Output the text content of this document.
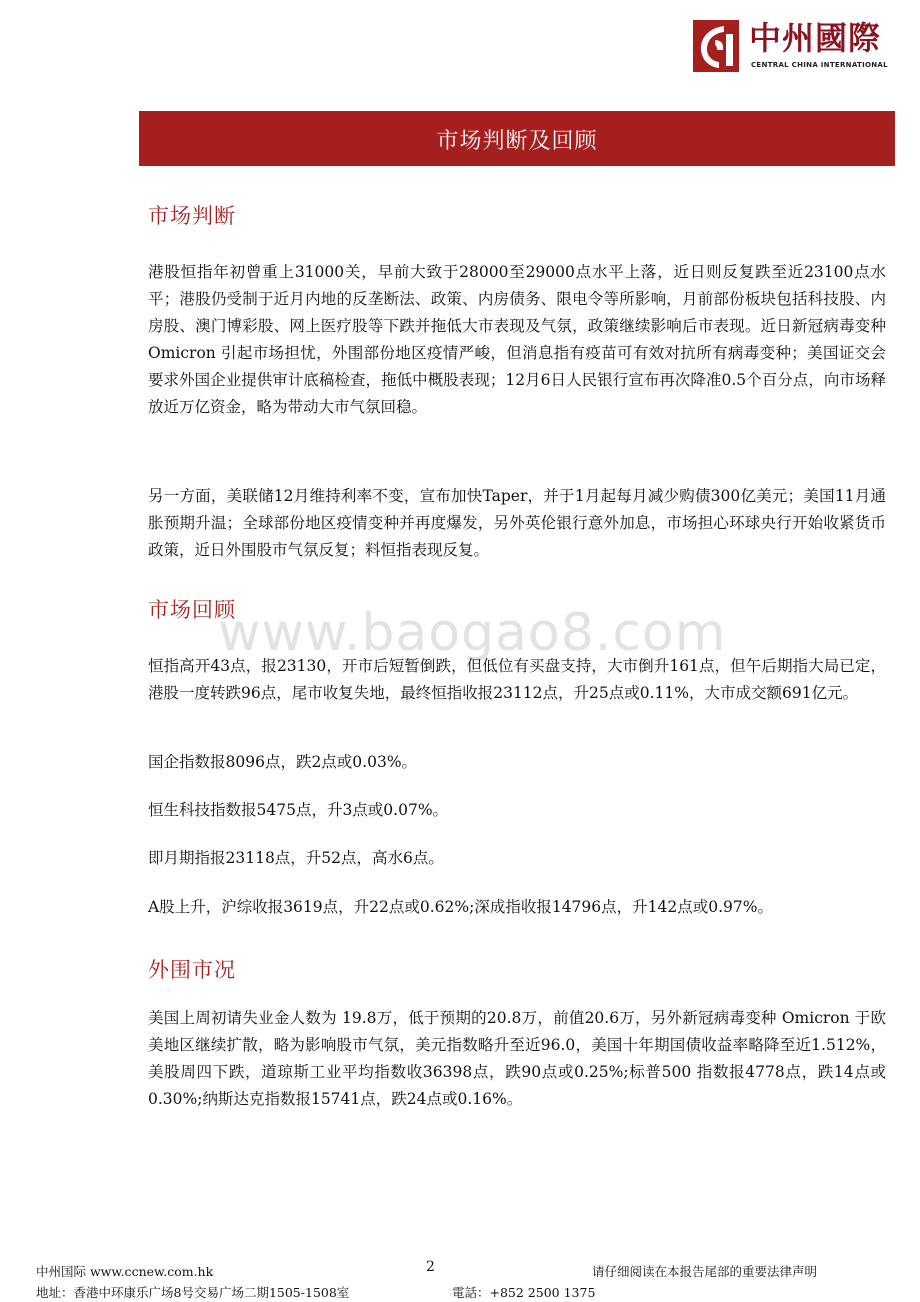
中州國際
CENTRAL CHINA INTERNATIONAL
市场判断及回顾
www.baogao8.com
市场判断
港股恒指年初曾重上31000关，早前大致于28000至29000点水平上落，近日则反复跌至近23100点水平；港股仍受制于近月内地的反垄断法、政策、内房债务、限电令等所影响，月前部份板块包括科技股、内房股、澳门博彩股、网上医疗股等下跌并拖低大市表现及气氛，政策继续影响后市表现。近日新冠病毒变种 Omicron 引起市场担忧，外围部份地区疫情严峻，但消息指有疫苗可有效对抗所有病毒变种；美国证交会要求外国企业提供审计底稿检查，拖低中概股表现；12月6日人民银行宣布再次降准0.5个百分点，向市场释放近万亿资金，略为带动大市气氛回稳。
另一方面，美联储12月维持利率不变，宣布加快Taper，并于1月起每月减少购债300亿美元；美国11月通胀预期升温；全球部份地区疫情变种并再度爆发，另外英伦银行意外加息，市场担心环球央行开始收紧货币政策，近日外围股市气氛反复；料恒指表现反复。
市场回顾
恒指高开43点，报23130，开市后短暂倒跌，但低位有买盘支持，大市倒升161点，但午后期指大局已定，港股一度转跌96点，尾市收复失地，最终恒指收报23112点，升25点或0.11%，大市成交额691亿元。
国企指数报8096点，跌2点或0.03%。
恒生科技指数报5475点，升3点或0.07%。
即月期指报23118点，升52点，高水6点。
A股上升，沪综收报3619点，升22点或0.62%;深成指收报14796点，升142点或0.97%。
外围市况
美国上周初请失业金人数为 19.8万，低于预期的20.8万，前值20.6万，另外新冠病毒变种 Omicron 于欧美地区继续扩散，略为影响股市气氛，美元指数略升至近96.0，美国十年期国债收益率略降至近1.512%，美股周四下跌，道琼斯工业平均指数收36398点，跌90点或0.25%;标普500 指数报4778点，跌14点或0.30%;纳斯达克指数报15741点，跌24点或0.16%。
中州国际 www.ccnew.com.hk	2	请仔细阅读在本报告尾部的重要法律声明
地址：香港中环康乐广场8号交易广场二期1505-1508室	電話：+852 2500 1375
